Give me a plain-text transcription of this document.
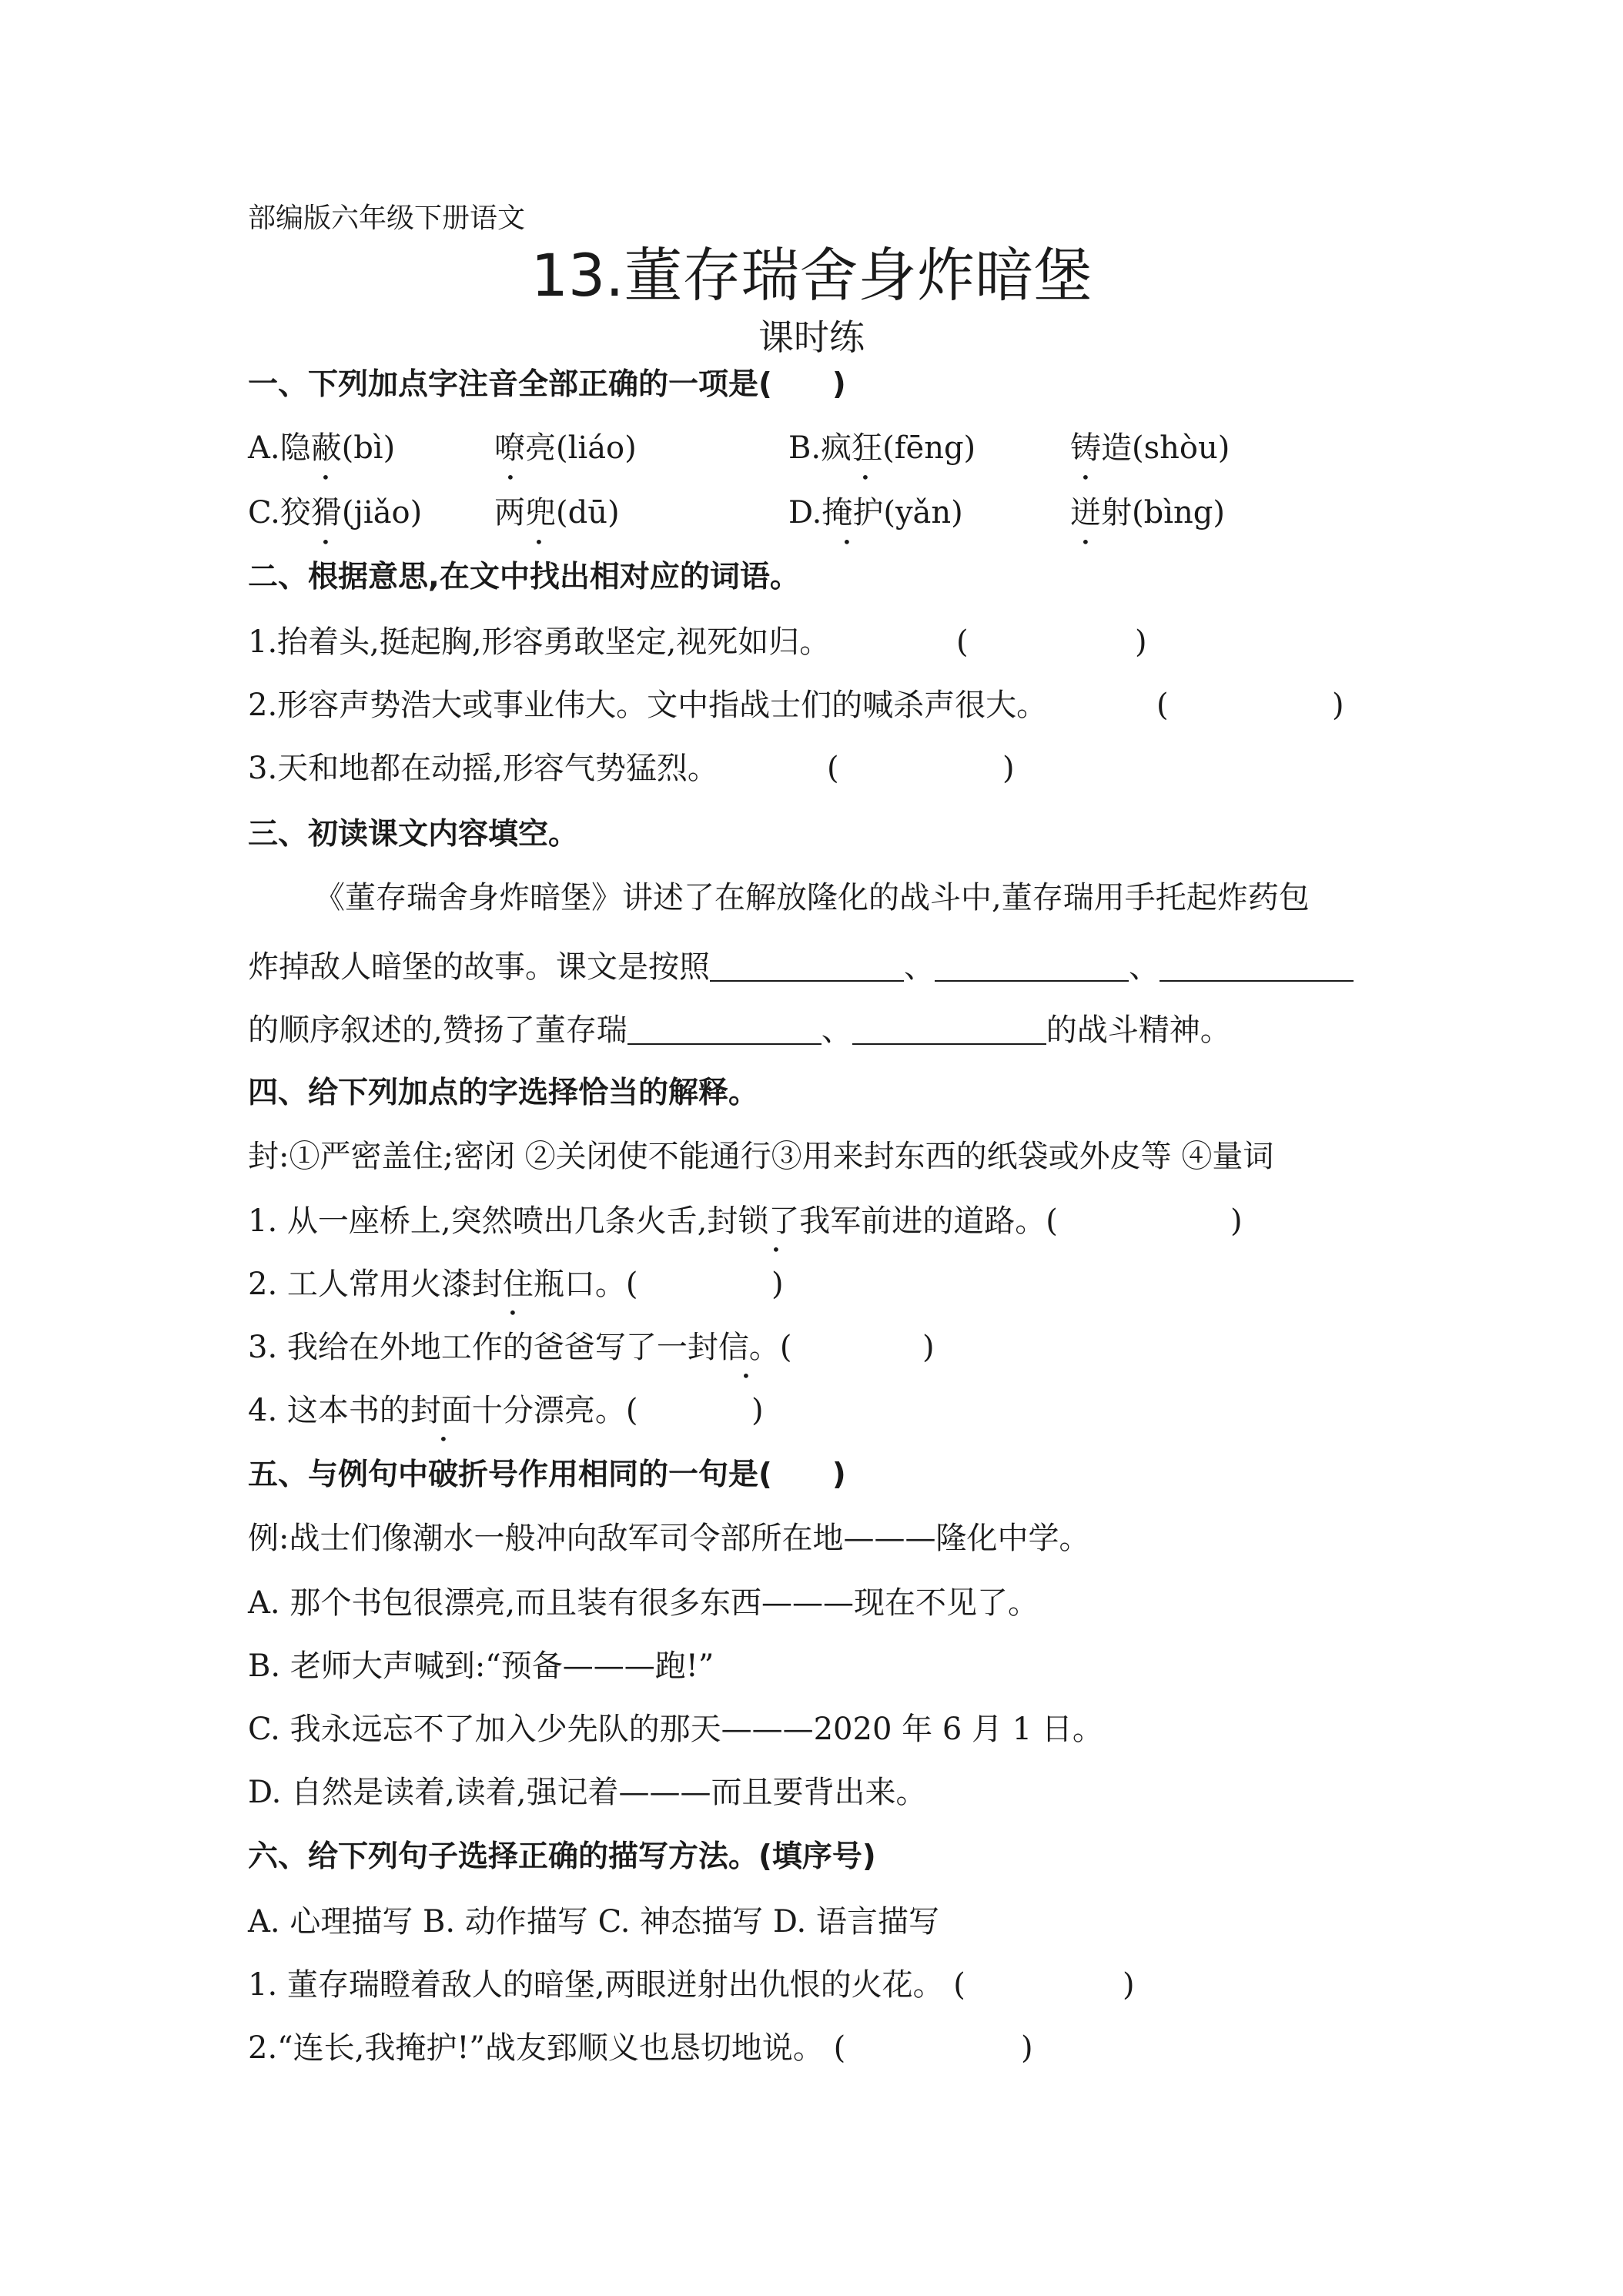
部编版六年级下册语文
13.董存瑞舍身炸暗堡
课时练
一、下列加点字注音全部正确的一项是(　　)
A.隐蔽(bì)	嘹亮(liáo)	B.疯狂(fēng)	铸造(shòu)
C.狡猾(jiǎo) 两兜(dū)	D.掩护(yǎn)	迸射(bìng)
•	•	•	•
•	•	•	•
二、根据意思,在文中找出相对应的词语。
1.抬着头,挺起胸,形容勇敢坚定,视死如归。	(	)
2.形容声势浩大或事业伟大。文中指战士们的喊杀声很大。	(	)
3.天和地都在动摇,形容气势猛烈。	(	)
三、初读课文内容填空。
《董存瑞舍身炸暗堡》讲述了在解放隆化的战斗中,董存瑞用手托起炸药包
炸掉敌人暗堡的故事。课文是按照	、	、
的顺序叙述的,赞扬了董存瑞	、	的战斗精神。
四、给下列加点的字选择恰当的解释。
封:①严密盖住;密闭 ②关闭使不能通行③用来封东西的纸袋或外皮等 ④量词
1. 从一座桥上,突然喷出几条火舌,封锁了我军前进的道路。(	)
2. 工人常用火漆封住瓶口。(	)
3. 我给在外地工作的爸爸写了一封信。(	)
4. 这本书的封面十分漂亮。(	)
•
•
•
•
五、与例句中破折号作用相同的一句是(　　)
例:战士们像潮水一般冲向敌军司令部所在地———隆化中学。
A. 那个书包很漂亮,而且装有很多东西———现在不见了。
B. 老师大声喊到:“预备———跑!”
C. 我永远忘不了加入少先队的那天———2020 年 6 月 1 日。
D. 自然是读着,读着,强记着———而且要背出来。
六、给下列句子选择正确的描写方法。(填序号)
A. 心理描写 B. 动作描写 C. 神态描写 D. 语言描写
1. 董存瑞瞪着敌人的暗堡,两眼迸射出仇恨的火花。 (	)
2.“连长,我掩护!”战友郅顺义也恳切地说。 (	)
